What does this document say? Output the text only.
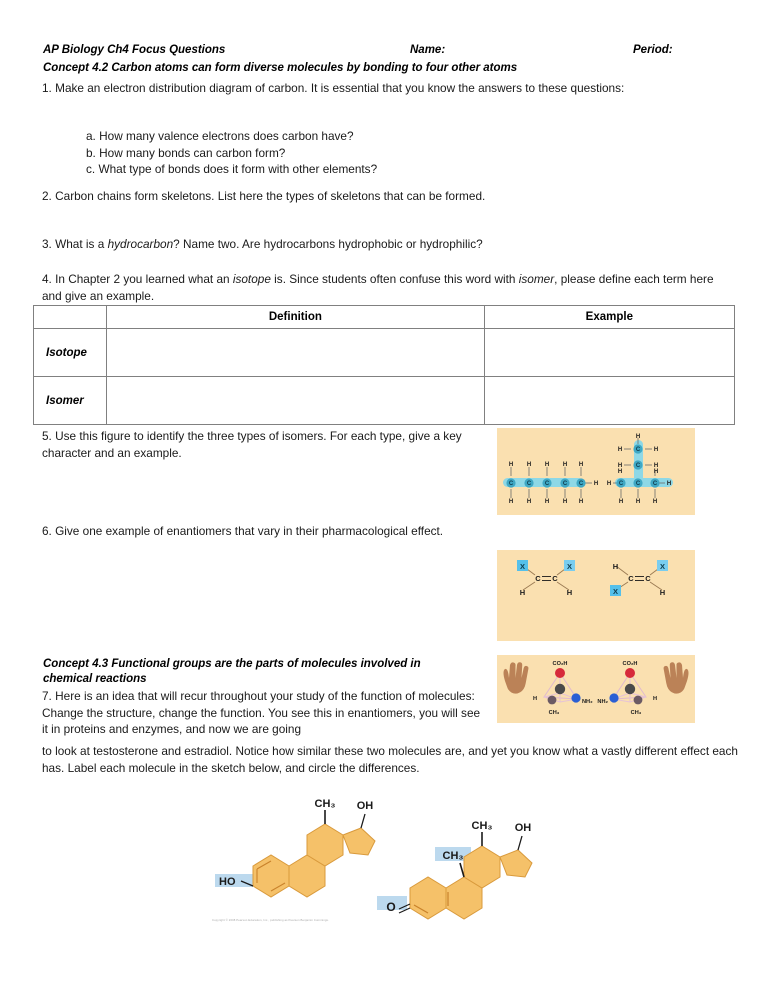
AP Biology Ch4 Focus Questions	Name:	Period:
Concept 4.2 Carbon atoms can form diverse molecules by bonding to four other atoms
1. Make an electron distribution diagram of carbon. It is essential that you know the answers to these questions:
a. How many valence electrons does carbon have?
b. How many bonds can carbon form?
c. What type of bonds does it form with other elements?
2. Carbon chains form skeletons. List here the types of skeletons that can be formed.
3. What is a hydrocarbon? Name two. Are hydrocarbons hydrophobic or hydrophilic?
4. In Chapter 2 you learned what an isotope is. Since students often confuse this word with isomer, please define each term here and give an example.
	Definition	Example
Isotope		
Isomer		
5. Use this figure to identify the three types of isomers. For each type, give a key character and an example.
6. Give one example of enantiomers that vary in their pharmacological effect.
C C C C C
H H H H H
H H H H H
H
C
C
C C C
H
H	H
H	H
H	H
H	H
H H H
X	X
C C
H	H
H	X
C C
X	H
CO₂H
CH₃
H	NH₂
CO₂H
CH₃
NH₂	H
HO
CH₃ OH
O
CH₃
CH₃ OH
Copyright © 2008 Pearson Education, Inc., publishing as Pearson Benjamin Cummings.
Concept 4.3 Functional groups are the parts of molecules involved in
chemical reactions
7. Here is an idea that will recur throughout your study of the function of molecules: Change the structure, change the function. You see this in enantiomers, you will see it in proteins and enzymes, and now we are going
to look at testosterone and estradiol. Notice how similar these two molecules are, and yet you know what a vastly different effect each has. Label each molecule in the sketch below, and circle the differences.
